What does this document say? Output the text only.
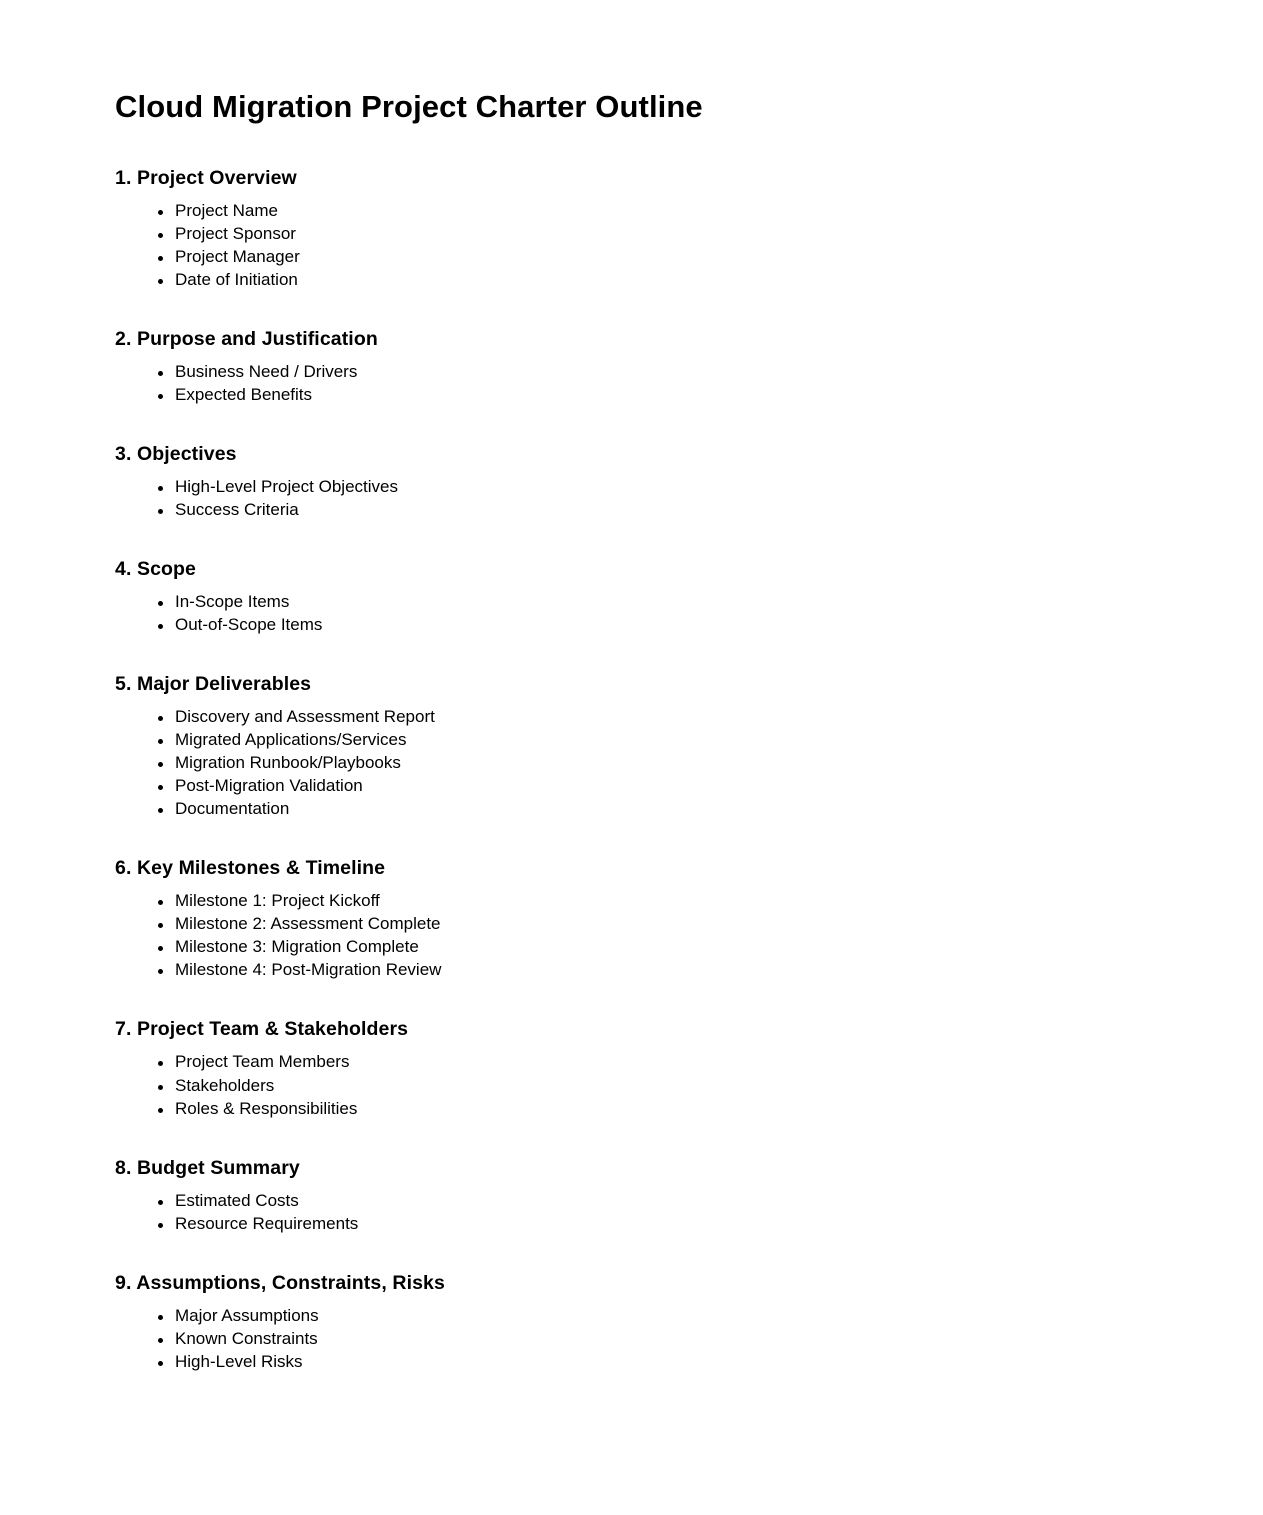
Cloud Migration Project Charter Outline
1. Project Overview
Project Name
Project Sponsor
Project Manager
Date of Initiation
2. Purpose and Justification
Business Need / Drivers
Expected Benefits
3. Objectives
High-Level Project Objectives
Success Criteria
4. Scope
In-Scope Items
Out-of-Scope Items
5. Major Deliverables
Discovery and Assessment Report
Migrated Applications/Services
Migration Runbook/Playbooks
Post-Migration Validation
Documentation
6. Key Milestones & Timeline
Milestone 1: Project Kickoff
Milestone 2: Assessment Complete
Milestone 3: Migration Complete
Milestone 4: Post-Migration Review
7. Project Team & Stakeholders
Project Team Members
Stakeholders
Roles & Responsibilities
8. Budget Summary
Estimated Costs
Resource Requirements
9. Assumptions, Constraints, Risks
Major Assumptions
Known Constraints
High-Level Risks
